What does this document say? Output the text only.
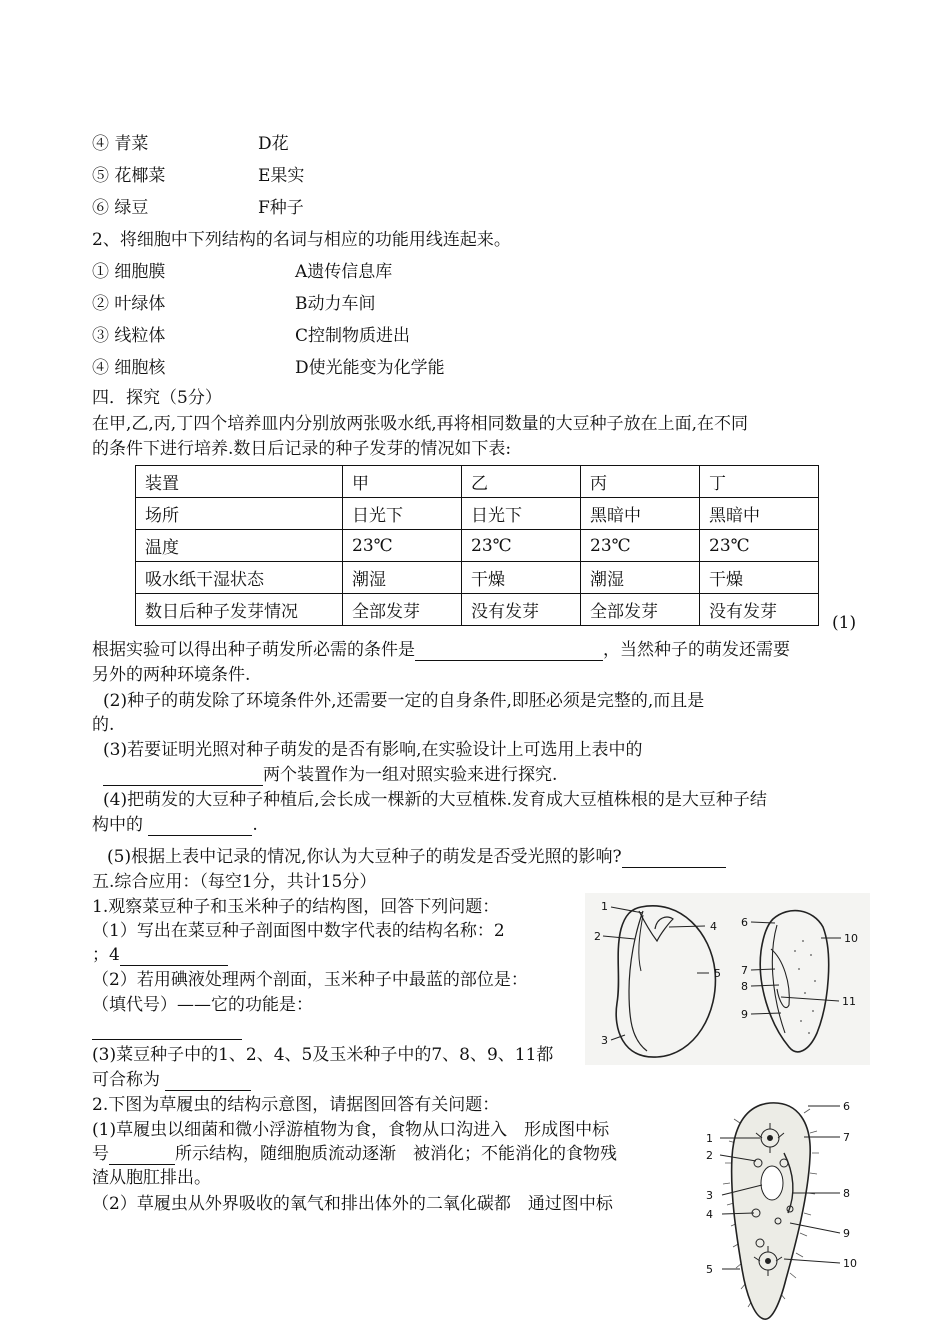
④ 青菜	D花
⑤ 花椰菜	E果实
⑥ 绿豆	F种子
2、将细胞中下列结构的名词与相应的功能用线连起来。
① 细胞膜	A遗传信息库
② 叶绿体	B动力车间
③ 线粒体	C控制物质进出
④ 细胞核	D使光能变为化学能
四．探究（5分）
在甲,乙,丙,丁四个培养皿内分别放两张吸水纸,再将相同数量的大豆种子放在上面,在不同
的条件下进行培养.数日后记录的种子发芽的情况如下表:
装置	甲	乙	丙	丁
场所	日光下	日光下	黑暗中	黑暗中
温度	23℃	23℃	23℃	23℃
吸水纸干湿状态	潮湿	干燥	潮湿	干燥
数日后种子发芽情况	全部发芽	没有发芽	全部发芽	没有发芽
(1)
根据实验可以得出种子萌发所必需的条件是	，当然种子的萌发还需要
另外的两种环境条件.
(2)种子的萌发除了环境条件外,还需要一定的自身条件,即胚必须是完整的,而且是
的.
(3)若要证明光照对种子萌发的是否有影响,在实验设计上可选用上表中的
两个装置作为一组对照实验来进行探究.
(4)把萌发的大豆种子种植后,会长成一棵新的大豆植株.发育成大豆植株根的是大豆种子结
构中的	.
(5)根据上表中记录的情况,你认为大豆种子的萌发是否受光照的影响?
五.综合应用：（每空1分，共计15分）
1.观察菜豆种子和玉米种子的结构图，回答下列问题：
（1）写出在菜豆种子剖面图中数字代表的结构名称：2
；4
（2）若用碘液处理两个剖面，玉米种子中最蓝的部位是：
（填代号）——它的功能是：
(3)菜豆种子中的1、2、4、5及玉米种子中的7、8、9、11都
可合称为
2.下图为草履虫的结构示意图，请据图回答有关问题：
(1)草履虫以细菌和微小浮游植物为食，食物从口沟进入　形成图中标
号	所示结构，随细胞质流动逐渐　被消化；不能消化的食物残
渣从胞肛排出。
（2）草履虫从外界吸收的氧气和排出体外的二氧化碳都　通过图中标
1
2
3
4
5
6
7
8
9
10
11
1
2
3
4
5
6
7
8
9
10
